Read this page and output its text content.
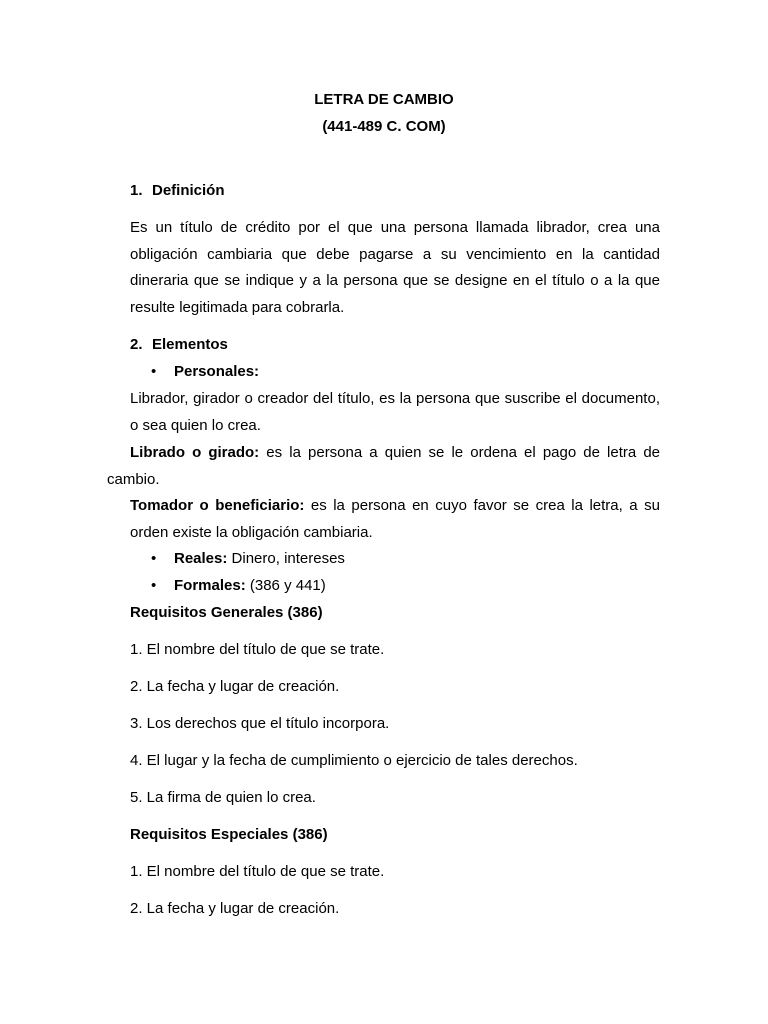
LETRA DE CAMBIO
(441-489 C. COM)
1. Definición
Es un título de crédito por el que una persona llamada librador, crea una
obligación cambiaria que debe pagarse a su vencimiento en la cantidad
dineraria que se indique y a la persona que se designe en el título o a la que
resulte legitimada para cobrarla.
2. Elementos
• Personales:
Librador, girador o creador del título, es la persona que suscribe el documento,
o sea quien lo crea.
Librado o girado: es la persona a quien se le ordena el pago de letra de
cambio.
Tomador o beneficiario: es la persona en cuyo favor se crea la letra, a su
orden existe la obligación cambiaria.
• Reales: Dinero, intereses
• Formales: (386 y 441)
Requisitos Generales (386)
1. El nombre del título de que se trate.
2. La fecha y lugar de creación.
3. Los derechos que el título incorpora.
4. El lugar y la fecha de cumplimiento o ejercicio de tales derechos.
5. La firma de quien lo crea.
Requisitos Especiales (386)
1. El nombre del título de que se trate.
2. La fecha y lugar de creación.
